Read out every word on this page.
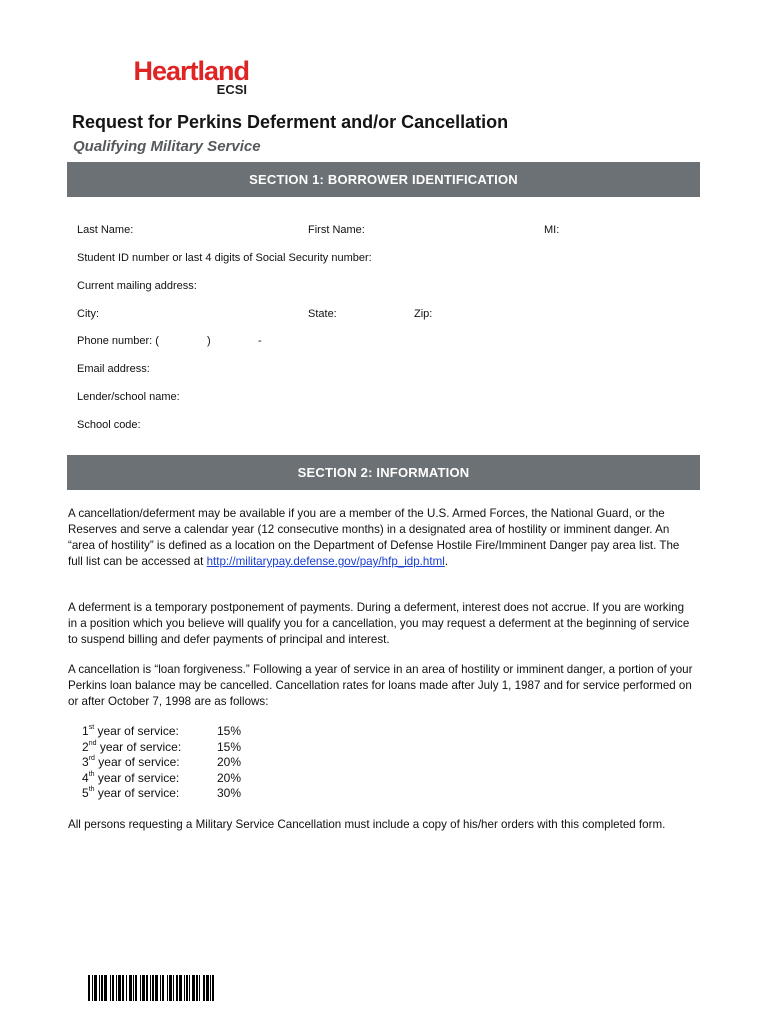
Heartland
ECSI
Request for Perkins Deferment and/or Cancellation
Qualifying Military Service
SECTION 1: BORROWER IDENTIFICATION
Last Name:	First Name:	MI:
Student ID number or last 4 digits of Social Security number:
Current mailing address:
City:	State:	Zip:
Phone number: (	)	-
Email address:
Lender/school name:
School code:
SECTION 2: INFORMATION

A cancellation/deferment may be available if you are a member of the U.S. Armed Forces, the National Guard, or the Reserves and serve a calendar year (12 consecutive months) in a designated area of hostility or imminent danger. An “area of hostility” is defined as a location on the Department of Defense Hostile Fire/Imminent Danger pay area list. The full list can be accessed at http://militarypay.defense.gov/pay/hfp_idp.html.

A deferment is a temporary postponement of payments. During a deferment, interest does not accrue. If you are working in a position which you believe will qualify you for a cancellation, you may request a deferment at the beginning of service to suspend billing and defer payments of principal and interest.

A cancellation is “loan forgiveness.” Following a year of service in an area of hostility or imminent danger, a portion of your Perkins loan balance may be cancelled. Cancellation rates for loans made after July 1, 1987 and for service performed on or after October 7, 1998 are as follows:

1st year of service:	15%
2nd year of service:	15%
3rd year of service:	20%
4th year of service:	20%
5th year of service:	30%

All persons requesting a Military Service Cancellation must include a copy of his/her orders with this completed form.
